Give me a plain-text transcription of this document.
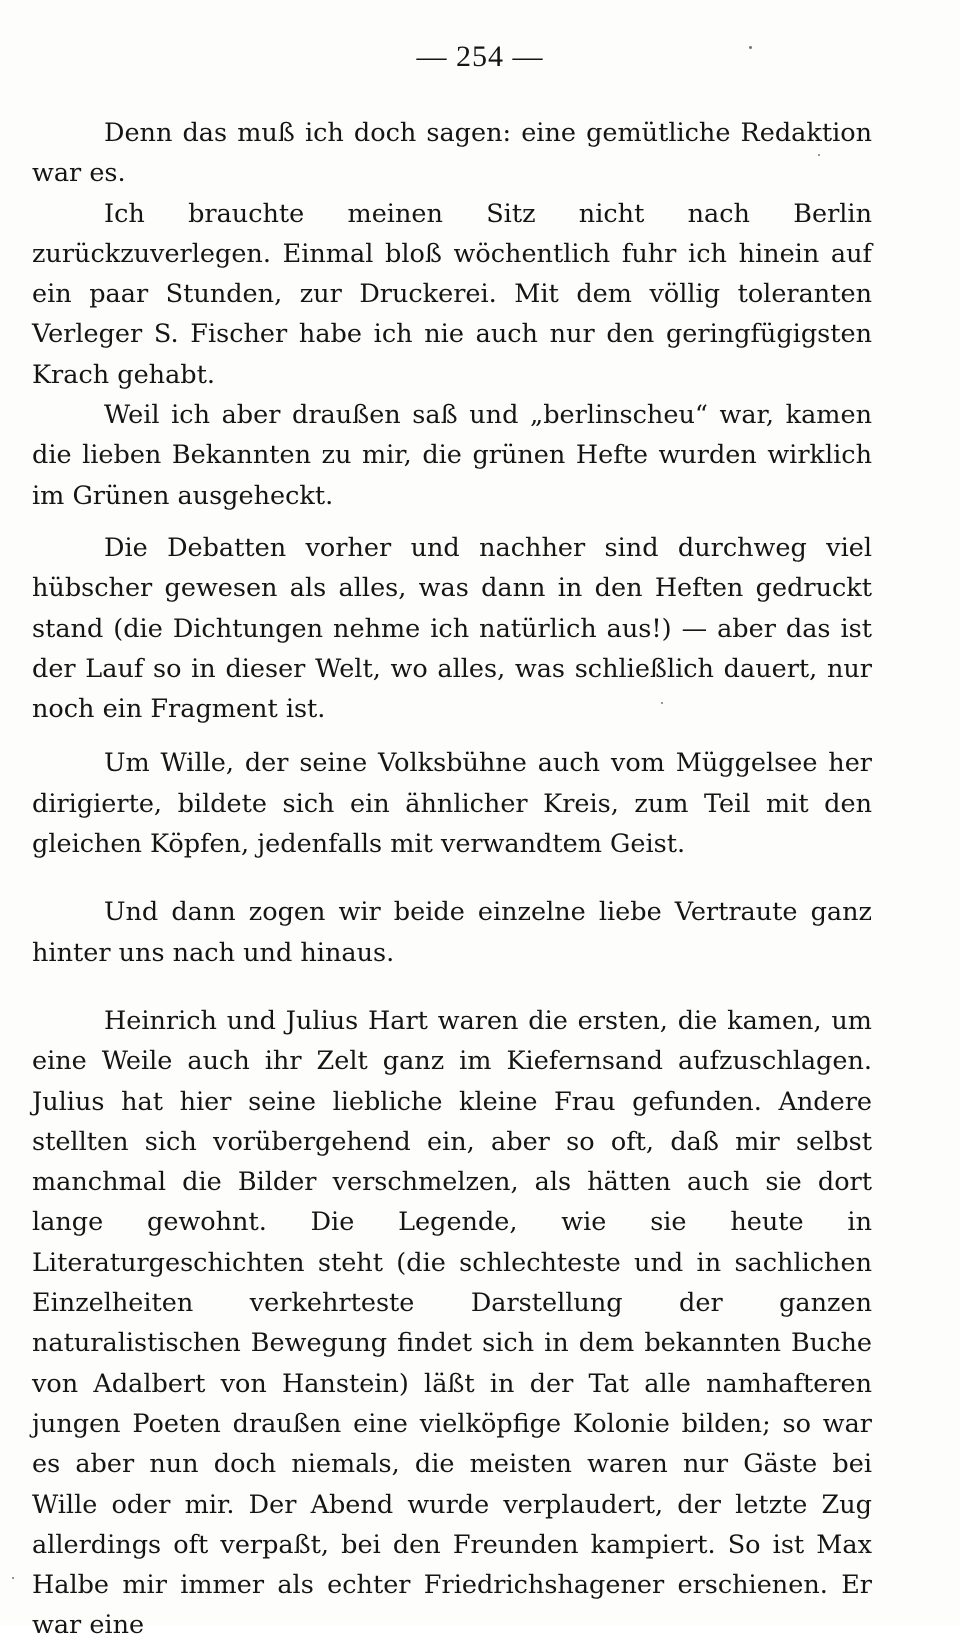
— 254 —

Denn das muß ich doch sagen: eine gemütliche Redaktion war es.

Ich brauchte meinen Sitz nicht nach Berlin zurückzuverlegen. Einmal bloß wöchentlich fuhr ich hinein auf ein paar Stunden, zur Druckerei. Mit dem völlig toleranten Verleger S. Fischer habe ich nie auch nur den geringfügigsten Krach gehabt.

Weil ich aber draußen saß und „berlinscheu“ war, kamen die lieben Bekannten zu mir, die grünen Hefte wurden wirklich im Grünen ausgeheckt.

Die Debatten vorher und nachher sind durchweg viel hübscher gewesen als alles, was dann in den Heften gedruckt stand (die Dichtungen nehme ich natürlich aus!) — aber das ist der Lauf so in dieser Welt, wo alles, was schließlich dauert, nur noch ein Fragment ist.

Um Wille, der seine Volksbühne auch vom Müggelsee her dirigierte, bildete sich ein ähnlicher Kreis, zum Teil mit den gleichen Köpfen, jedenfalls mit verwandtem Geist.

Und dann zogen wir beide einzelne liebe Vertraute ganz hinter uns nach und hinaus.

Heinrich und Julius Hart waren die ersten, die kamen, um eine Weile auch ihr Zelt ganz im Kiefernsand aufzuschlagen. Julius hat hier seine liebliche kleine Frau gefunden. Andere stellten sich vorübergehend ein, aber so oft, daß mir selbst manchmal die Bilder verschmelzen, als hätten auch sie dort lange gewohnt. Die Legende, wie sie heute in Literaturgeschichten steht (die schlechteste und in sachlichen Einzelheiten verkehrteste Darstellung der ganzen naturalistischen Bewegung findet sich in dem bekannten Buche von Adalbert von Hanstein) läßt in der Tat alle namhafteren jungen Poeten draußen eine vielköpfige Kolonie bilden; so war es aber nun doch niemals, die meisten waren nur Gäste bei Wille oder mir. Der Abend wurde verplaudert, der letzte Zug allerdings oft verpaßt, bei den Freunden kampiert. So ist Max Halbe mir immer als echter Friedrichshagener erschienen. Er war eine
